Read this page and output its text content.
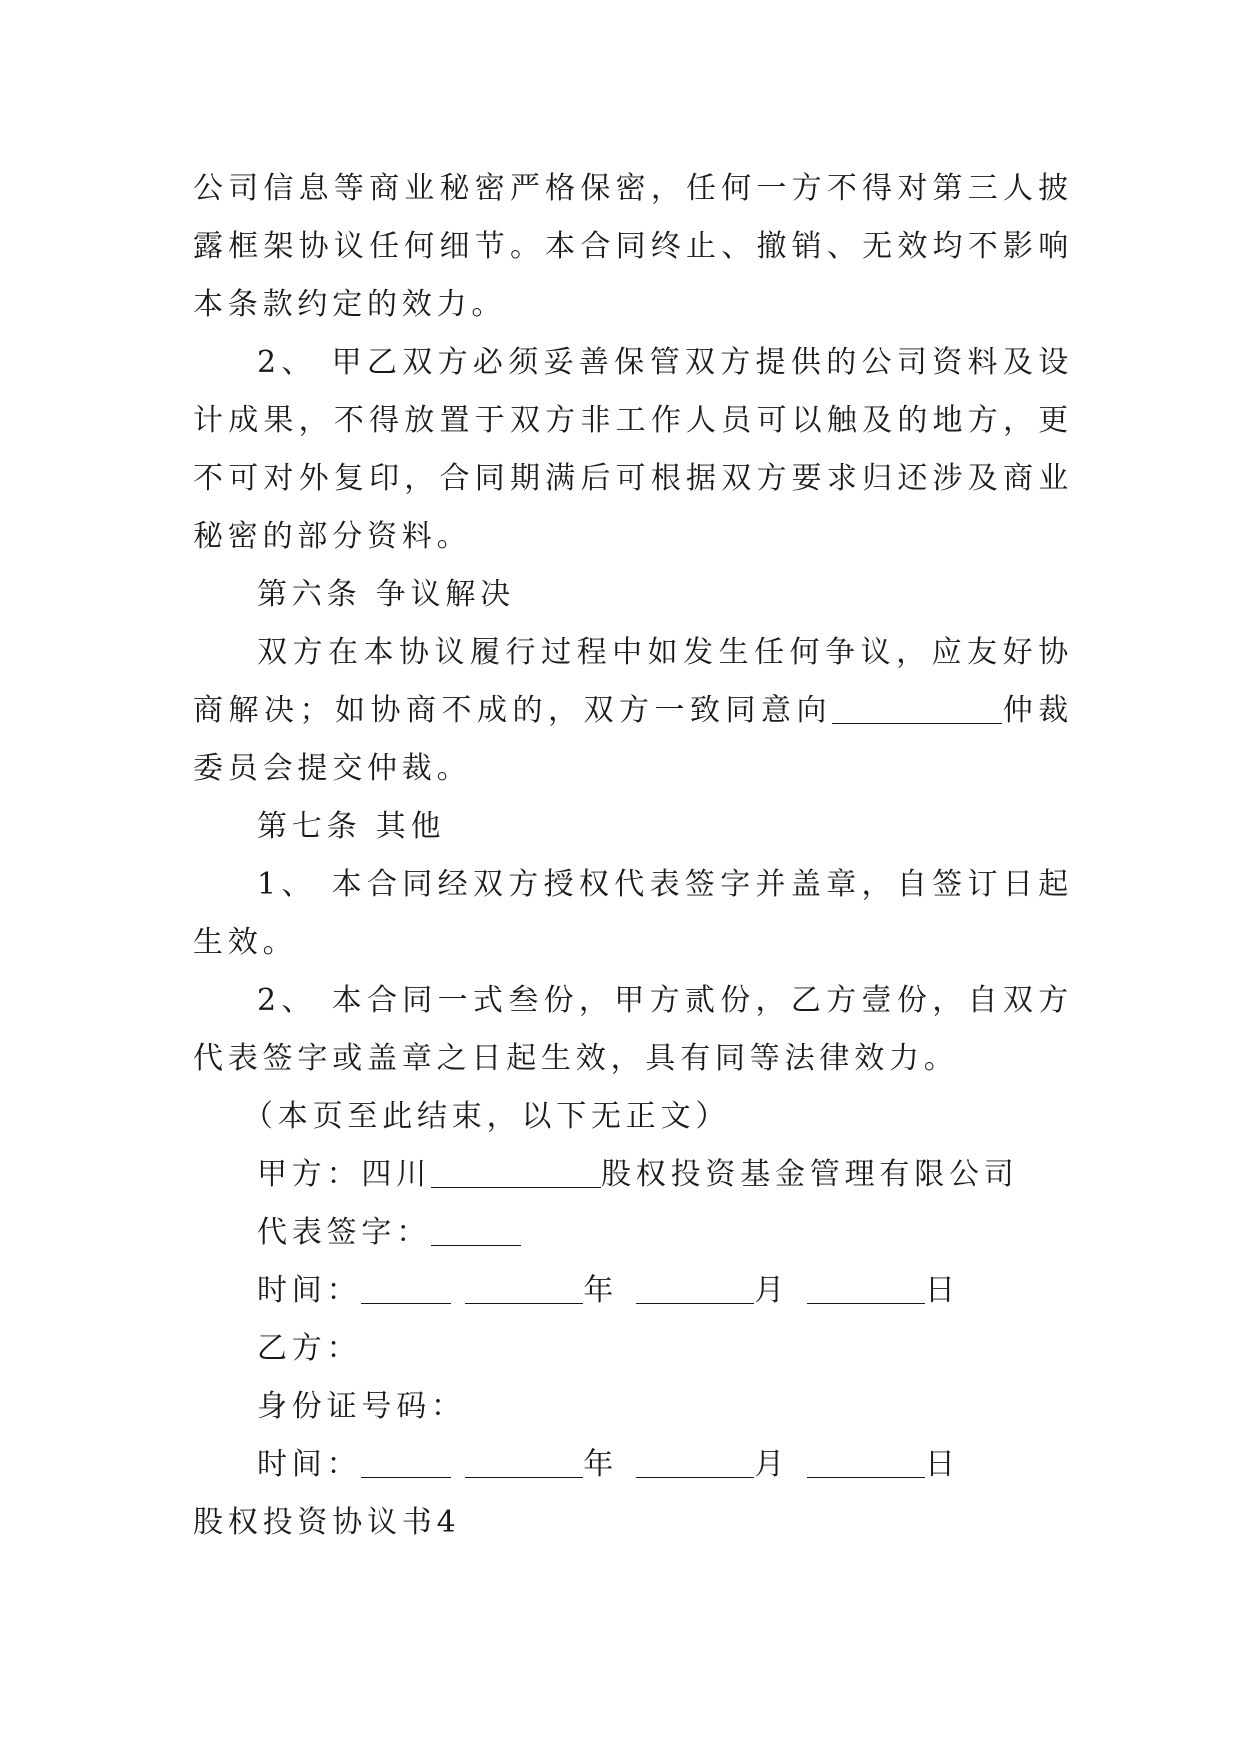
公司信息等商业秘密严格保密，任何一方不得对第三人披露框架协议任何细节。本合同终止、撤销、无效均不影响本条款约定的效力。

2、 甲乙双方必须妥善保管双方提供的公司资料及设计成果，不得放置于双方非工作人员可以触及的地方，更不可对外复印，合同期满后可根据双方要求归还涉及商业秘密的部分资料。

第六条 争议解决

双方在本协议履行过程中如发生任何争议，应友好协商解决；如协商不成的，双方一致同意向	仲裁委员会提交仲裁。

第七条 其他

1、 本合同经双方授权代表签字并盖章，自签订日起生效。

2、 本合同一式叁份，甲方贰份，乙方壹份，自双方代表签字或盖章之日起生效，具有同等法律效力。

（本页至此结束，以下无正文）

甲方：四川	股权投资基金管理有限公司

代表签字：

时间：	年	月	日

乙方：

身份证号码：

时间：	年	月	日

股权投资协议书4
